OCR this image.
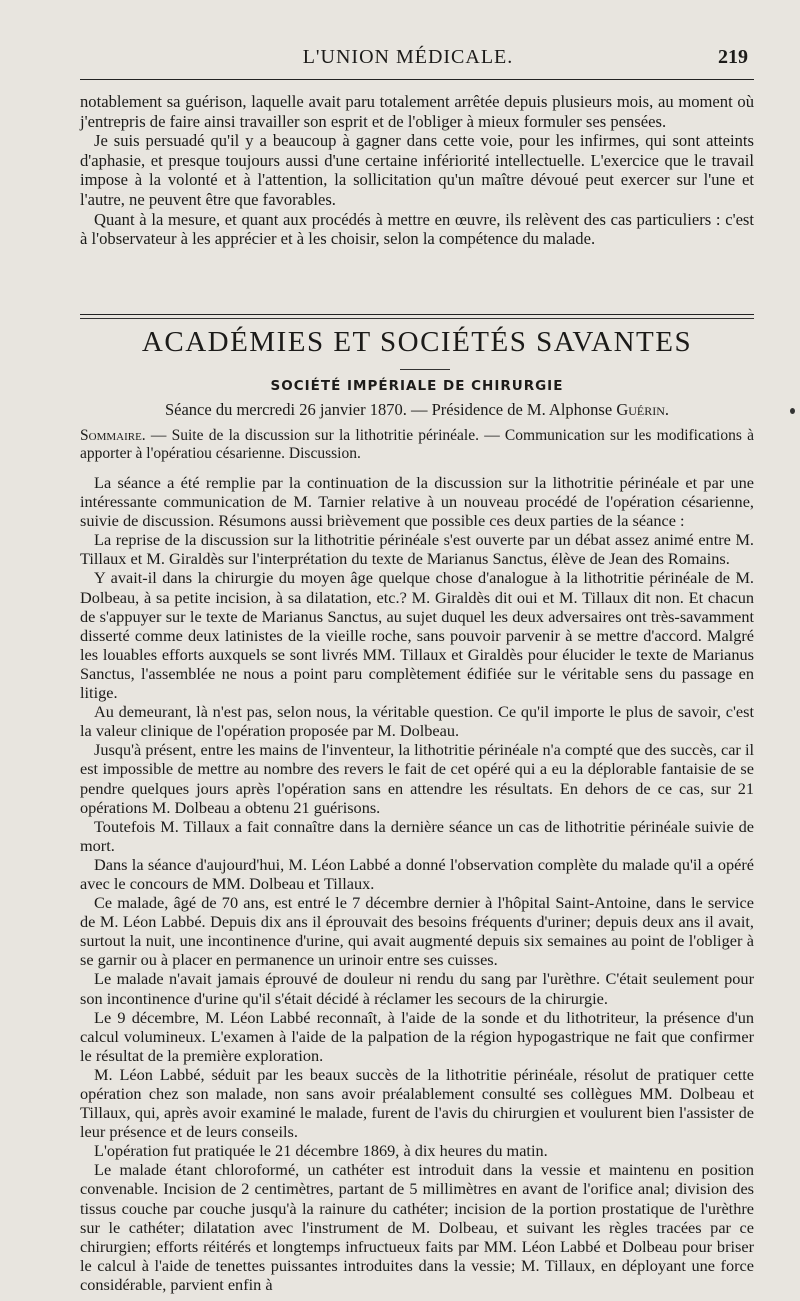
L'UNION MÉDICALE.	219

notablement sa guérison, laquelle avait paru totalement arrêtée depuis plusieurs mois, au moment où j'entrepris de faire ainsi travailler son esprit et de l'obliger à mieux formuler ses pensées.

Je suis persuadé qu'il y a beaucoup à gagner dans cette voie, pour les infirmes, qui sont atteints d'aphasie, et presque toujours aussi d'une certaine infériorité intellectuelle. L'exercice que le travail impose à la volonté et à l'attention, la sollicitation qu'un maître dévoué peut exercer sur l'une et l'autre, ne peuvent être que favorables.

Quant à la mesure, et quant aux procédés à mettre en œuvre, ils relèvent des cas particuliers : c'est à l'observateur à les apprécier et à les choisir, selon la compétence du malade.

ACADÉMIES ET SOCIÉTÉS SAVANTES
SOCIÉTÉ IMPÉRIALE DE CHIRURGIE
Séance du mercredi 26 janvier 1870. — Présidence de M. Alphonse Guérin.
Sommaire. — Suite de la discussion sur la lithotritie périnéale. — Communication sur les modifications à apporter à l'opératiou césarienne. Discussion.

La séance a été remplie par la continuation de la discussion sur la lithotritie périnéale et par une intéressante communication de M. Tarnier relative à un nouveau procédé de l'opération césarienne, suivie de discussion. Résumons aussi brièvement que possible ces deux parties de la séance :

La reprise de la discussion sur la lithotritie périnéale s'est ouverte par un débat assez animé entre M. Tillaux et M. Giraldès sur l'interprétation du texte de Marianus Sanctus, élève de Jean des Romains.

Y avait-il dans la chirurgie du moyen âge quelque chose d'analogue à la lithotritie périnéale de M. Dolbeau, à sa petite incision, à sa dilatation, etc.? M. Giraldès dit oui et M. Tillaux dit non. Et chacun de s'appuyer sur le texte de Marianus Sanctus, au sujet duquel les deux adversaires ont très-savamment disserté comme deux latinistes de la vieille roche, sans pouvoir parvenir à se mettre d'accord. Malgré les louables efforts auxquels se sont livrés MM. Tillaux et Giraldès pour élucider le texte de Marianus Sanctus, l'assemblée ne nous a point paru complètement édifiée sur le véritable sens du passage en litige.

Au demeurant, là n'est pas, selon nous, la véritable question. Ce qu'il importe le plus de savoir, c'est la valeur clinique de l'opération proposée par M. Dolbeau.

Jusqu'à présent, entre les mains de l'inventeur, la lithotritie périnéale n'a compté que des succès, car il est impossible de mettre au nombre des revers le fait de cet opéré qui a eu la déplorable fantaisie de se pendre quelques jours après l'opération sans en attendre les résultats. En dehors de ce cas, sur 21 opérations M. Dolbeau a obtenu 21 guérisons.

Toutefois M. Tillaux a fait connaître dans la dernière séance un cas de lithotritie périnéale suivie de mort.

Dans la séance d'aujourd'hui, M. Léon Labbé a donné l'observation complète du malade qu'il a opéré avec le concours de MM. Dolbeau et Tillaux.

Ce malade, âgé de 70 ans, est entré le 7 décembre dernier à l'hôpital Saint-Antoine, dans le service de M. Léon Labbé. Depuis dix ans il éprouvait des besoins fréquents d'uriner; depuis deux ans il avait, surtout la nuit, une incontinence d'urine, qui avait augmenté depuis six semaines au point de l'obliger à se garnir ou à placer en permanence un urinoir entre ses cuisses.

Le malade n'avait jamais éprouvé de douleur ni rendu du sang par l'urèthre. C'était seulement pour son incontinence d'urine qu'il s'était décidé à réclamer les secours de la chirurgie.

Le 9 décembre, M. Léon Labbé reconnaît, à l'aide de la sonde et du lithotriteur, la présence d'un calcul volumineux. L'examen à l'aide de la palpation de la région hypogastrique ne fait que confirmer le résultat de la première exploration.

M. Léon Labbé, séduit par les beaux succès de la lithotritie périnéale, résolut de pratiquer cette opération chez son malade, non sans avoir préalablement consulté ses collègues MM. Dolbeau et Tillaux, qui, après avoir examiné le malade, furent de l'avis du chirurgien et voulurent bien l'assister de leur présence et de leurs conseils.

L'opération fut pratiquée le 21 décembre 1869, à dix heures du matin.

Le malade étant chloroformé, un cathéter est introduit dans la vessie et maintenu en position convenable. Incision de 2 centimètres, partant de 5 millimètres en avant de l'orifice anal; division des tissus couche par couche jusqu'à la rainure du cathéter; incision de la portion prostatique de l'urèthre sur le cathéter; dilatation avec l'instrument de M. Dolbeau, et suivant les règles tracées par ce chirurgien; efforts réitérés et longtemps infructueux faits par MM. Léon Labbé et Dolbeau pour briser le calcul à l'aide de tenettes puissantes introduites dans la vessie; M. Tillaux, en déployant une force considérable, parvient enfin à
